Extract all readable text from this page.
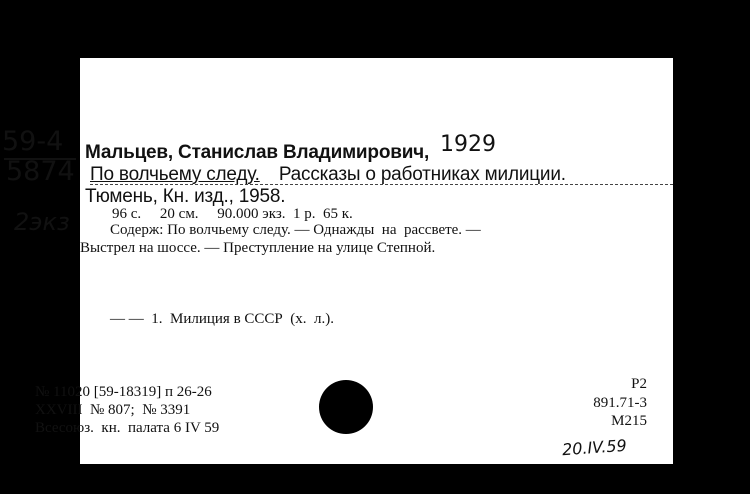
59-4
5874
2экз
Мальцев, Станислав Владимирович, 1929
По волчьему следу. Рассказы о работниках милиции.
Тюмень, Кн. изд., 1958.
96 с.     20 см.     90.000 экз.  1 р.  65 к.
Содерж: По волчьему следу. — Однажды  на  рассвете. —
Выстрел на шоссе. — Преступление на улице Степной.
— —  1.  Милиция в СССР  (х.  л.).
№ 11020 [59-18319] п 26-26
XXVIII  № 807;  № 3391
Всесоюз.  кн.  палата 6 IV 59
P2
891.71-3
M215
20.IV.59
